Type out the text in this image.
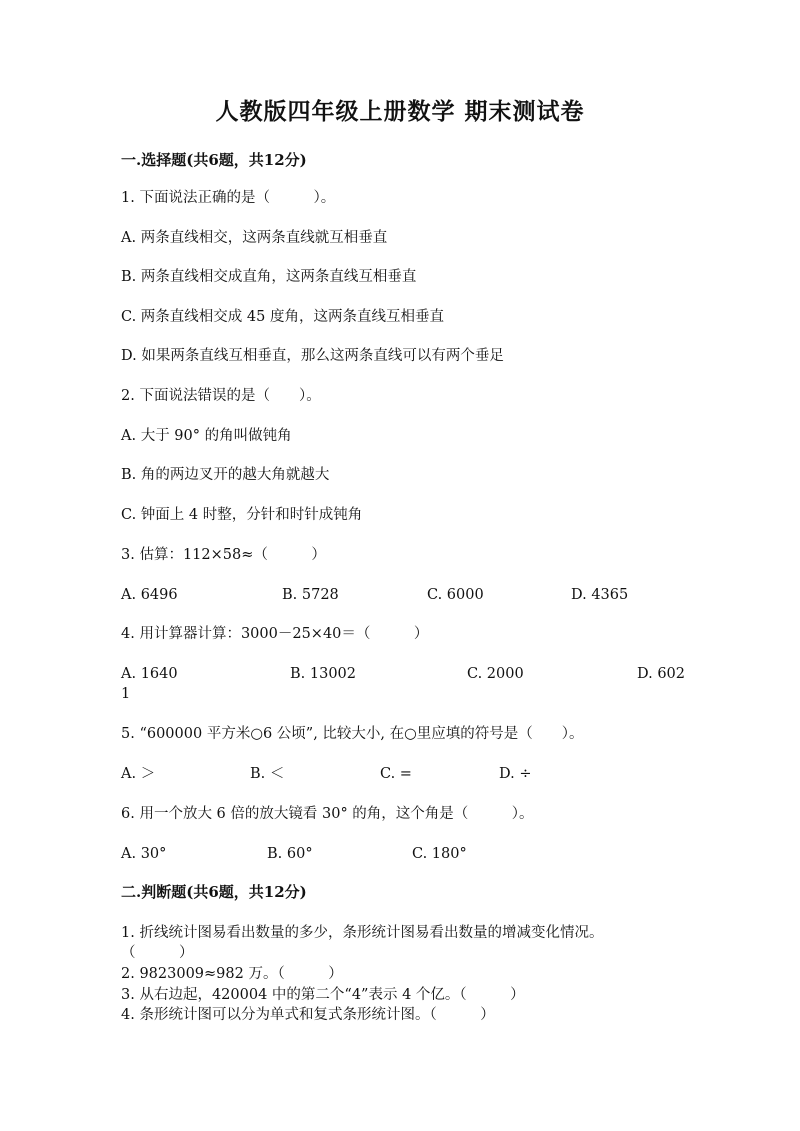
人教版四年级上册数学 期末测试卷
一.选择题(共6题，共12分)
1. 下面说法正确的是（　　　）。
A. 两条直线相交，这两条直线就互相垂直
B. 两条直线相交成直角，这两条直线互相垂直
C. 两条直线相交成 45 度角，这两条直线互相垂直
D. 如果两条直线互相垂直，那么这两条直线可以有两个垂足
2. 下面说法错误的是（　　）。
A. 大于 90° 的角叫做钝角
B. 角的两边叉开的越大角就越大
C. 钟面上 4 时整，分针和时针成钝角
3. 估算：112×58≈（　　　）
A. 6496	B. 5728	C. 6000	D. 4365
4. 用计算器计算：3000－25×40＝（　　　）
A. 1640	B. 13002	C. 2000	D. 602
1
5. “600000 平方米○6 公顷”, 比较大小, 在○里应填的符号是（　　）。
A. ＞	B. ＜	C. =	D. ÷
6. 用一个放大 6 倍的放大镜看 30° 的角，这个角是（　　　）。
A. 30°	B. 60°	C. 180°
二.判断题(共6题，共12分)
1. 折线统计图易看出数量的多少，条形统计图易看出数量的增减变化情况。
（　　　）
2. 9823009≈982 万。（　　　）
3. 从右边起，420004 中的第二个“4”表示 4 个亿。（　　　）
4. 条形统计图可以分为单式和复式条形统计图。（　　　）
